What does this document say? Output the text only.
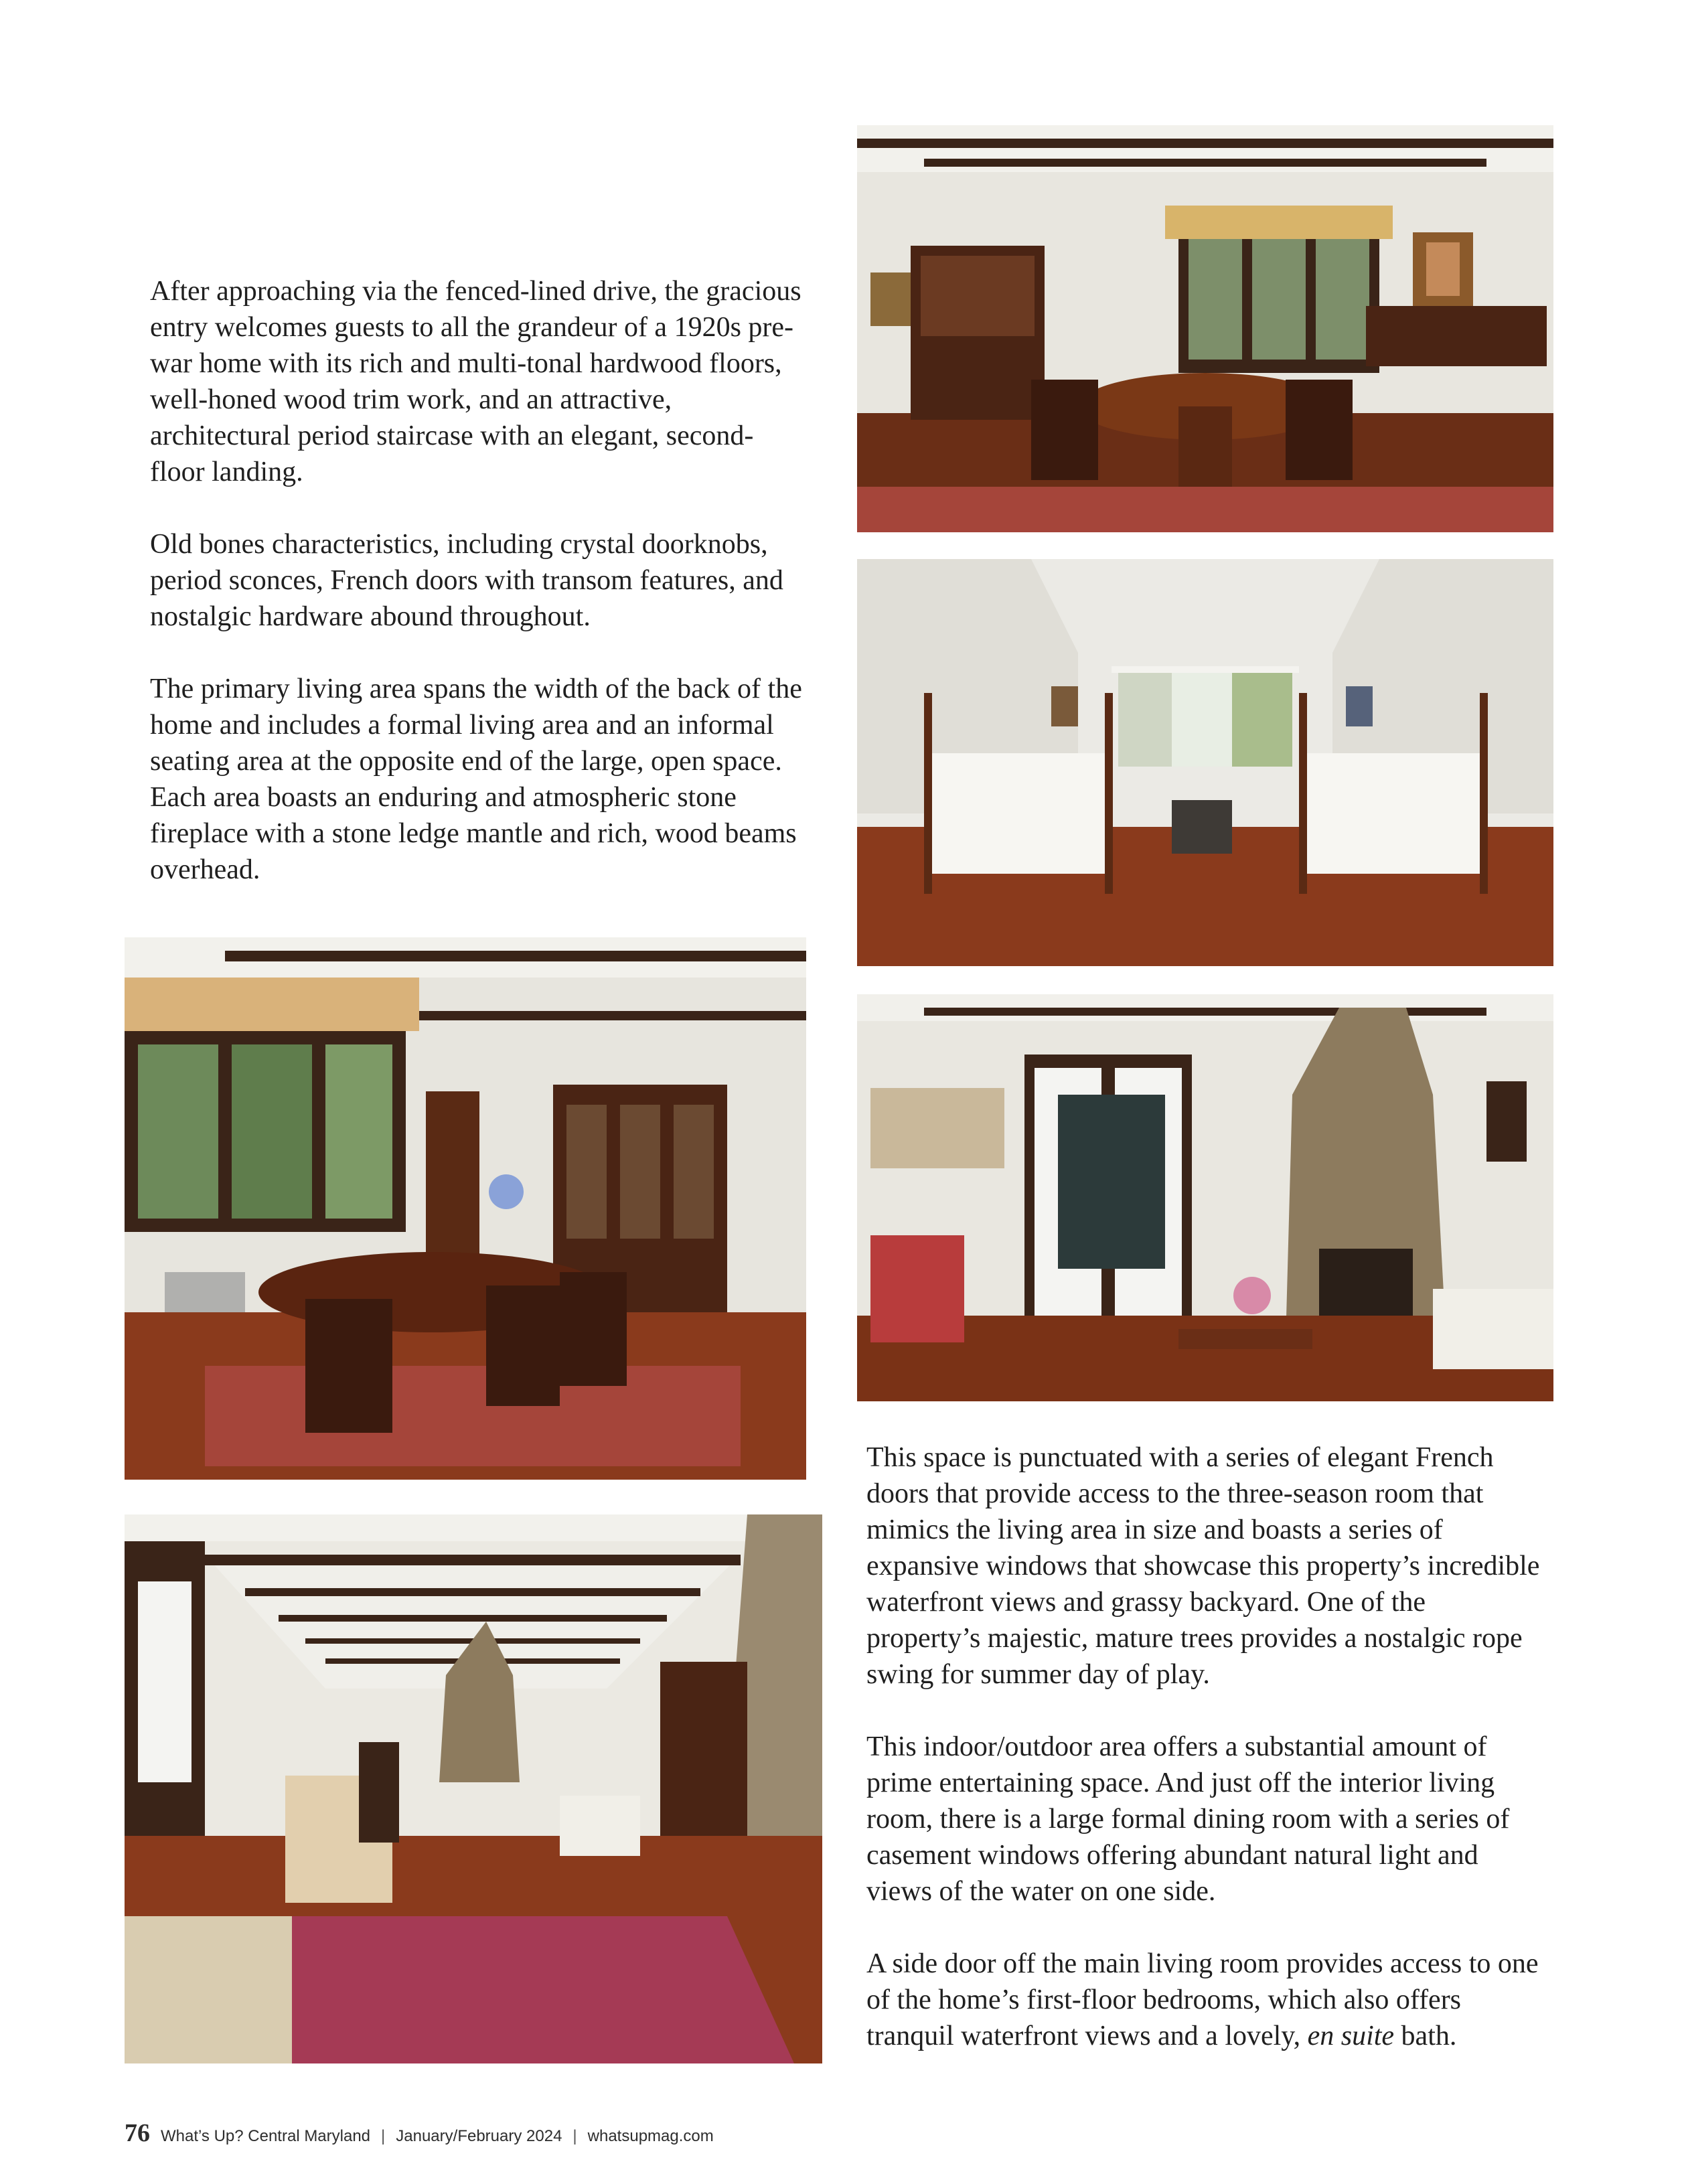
After approaching via the fenced-lined drive, the gracious entry welcomes guests to all the grandeur of a 1920s pre-war home with its rich and multi-tonal hardwood floors, well-honed wood trim work, and an attractive, architectural period staircase with an elegant, second-floor landing.

Old bones characteristics, including crystal doorknobs, period sconces, French doors with transom features, and nostalgic hardware abound throughout.

The primary living area spans the width of the back of the home and includes a formal living area and an informal seating area at the opposite end of the large, open space. Each area boasts an enduring and atmospheric stone fireplace with a stone ledge mantle and rich, wood beams overhead.

This space is punctuated with a series of elegant French doors that provide access to the three-season room that mimics the living area in size and boasts a series of expansive windows that showcase this property’s incredible waterfront views and grassy backyard. One of the property’s majestic, mature trees provides a nostalgic rope swing for summer day of play.

This indoor/outdoor area offers a substantial amount of prime entertaining space. And just off the interior living room, there is a large formal dining room with a series of casement windows offering abundant natural light and views of the water on one side.

A side door off the main living room provides access to one of the home’s first-floor bedrooms, which also offers tranquil waterfront views and a lovely, en suite bath.

76 What’s Up? Central Maryland | January/February 2024 | whatsupmag.com
